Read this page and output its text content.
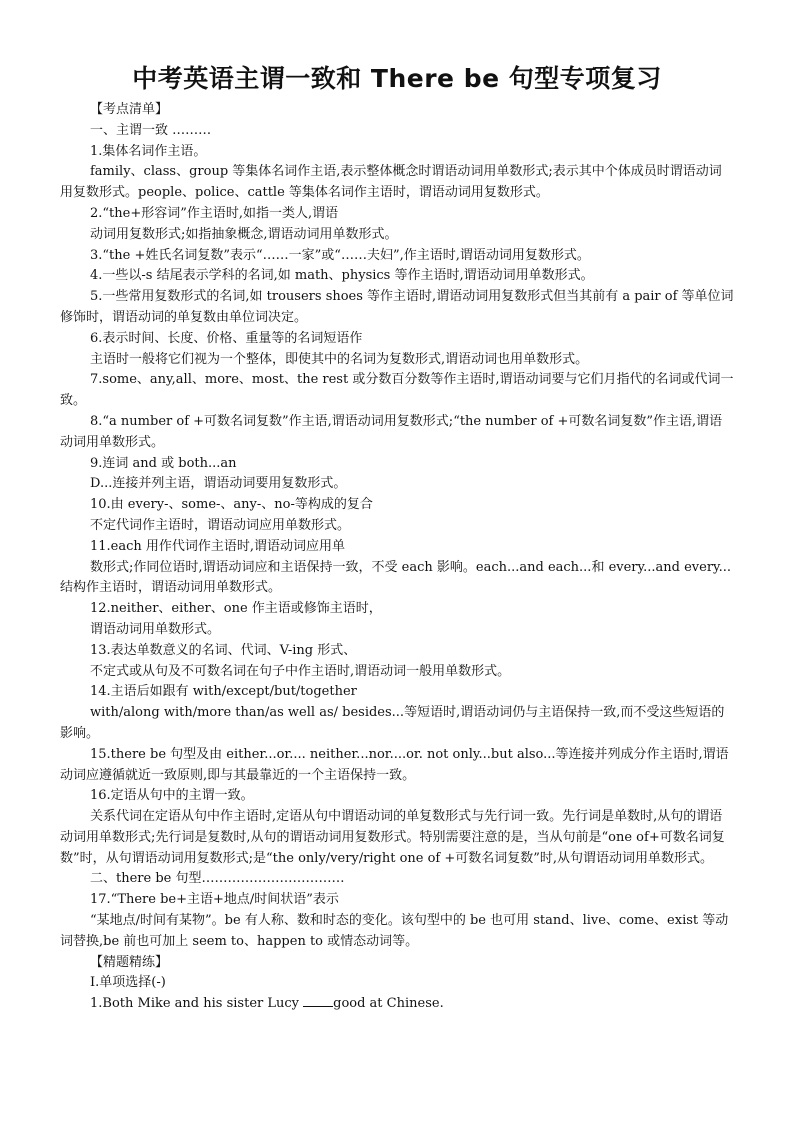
中考英语主谓一致和 There be 句型专项复习

【考点清单】

一、主谓一致 ………

1.集体名词作主语。

family、class、group 等集体名词作主语,表示整体概念时谓语动词用单数形式;表示其中个体成员时谓语动词用复数形式。people、police、cattle 等集体名词作主语时，谓语动词用复数形式。

2.“the+形容词”作主语时,如指一类人,谓语

动词用复数形式;如指抽象概念,谓语动词用单数形式。

3.“the +姓氏名词复数”表示“……一家”或“……夫妇”,作主语时,谓语动词用复数形式。

4.一些以-s 结尾表示学科的名词,如 math、physics 等作主语时,谓语动词用单数形式。

5.一些常用复数形式的名词,如 trousers shoes 等作主语时,谓语动词用复数形式但当其前有 a pair of 等单位词修饰时，谓语动词的单复数由单位词决定。

6.表示时间、长度、价格、重量等的名词短语作

主语时一般将它们视为一个整体，即使其中的名词为复数形式,谓语动词也用单数形式。

7.some、any,all、more、most、the rest 或分数百分数等作主语时,谓语动词要与它们月指代的名词或代词一致。

8.“a number of +可数名词复数”作主语,谓语动词用复数形式;“the number of +可数名词复数”作主语,谓语动词用单数形式。

9.连词 and 或 both...an

D...连接并列主语，谓语动词要用复数形式。

10.由 every-、some-、any-、no-等构成的复合

不定代词作主语时，谓语动词应用单数形式。

11.each 用作代词作主语时,谓语动词应用单

数形式;作同位语时,谓语动词应和主语保持一致，不受 each 影响。each...and each...和 every...and every...结构作主语时，谓语动词用单数形式。

12.neither、either、one 作主语或修饰主语时，

谓语动词用单数形式。

13.表达单数意义的名词、代词、V-ing 形式、

不定式或从句及不可数名词在句子中作主语时,谓语动词一般用单数形式。

14.主语后如跟有 with/except/but/together

with/along with/more than/as well as/ besides...等短语时,谓语动词仍与主语保持一致,而不受这些短语的影响。

15.there be 句型及由 either...or.... neither...nor....or. not only...but also...等连接并列成分作主语时,谓语动词应遵循就近一致原则,即与其最靠近的一个主语保持一致。

16.定语从句中的主谓一致。

关系代词在定语从句中作主语时,定语从句中谓语动词的单复数形式与先行词一致。先行词是单数时,从句的谓语动词用单数形式;先行词是复数时,从句的谓语动词用复数形式。特别需要注意的是，当从句前是“one of+可数名词复数”时，从句谓语动词用复数形式;是“the only/very/right one of +可数名词复数”时,从句谓语动词用单数形式。

二、there be 句型……………………………

17.“There be+主语+地点/时间状语”表示

“某地点/时间有某物”。be 有人称、数和时态的变化。该句型中的 be 也可用 stand、live、come、exist 等动词替换,be 前也可加上 seem to、happen to 或情态动词等。

【精题精练】

I.单项选择(-)

1.Both Mike and his sister Lucy good at Chinese.
